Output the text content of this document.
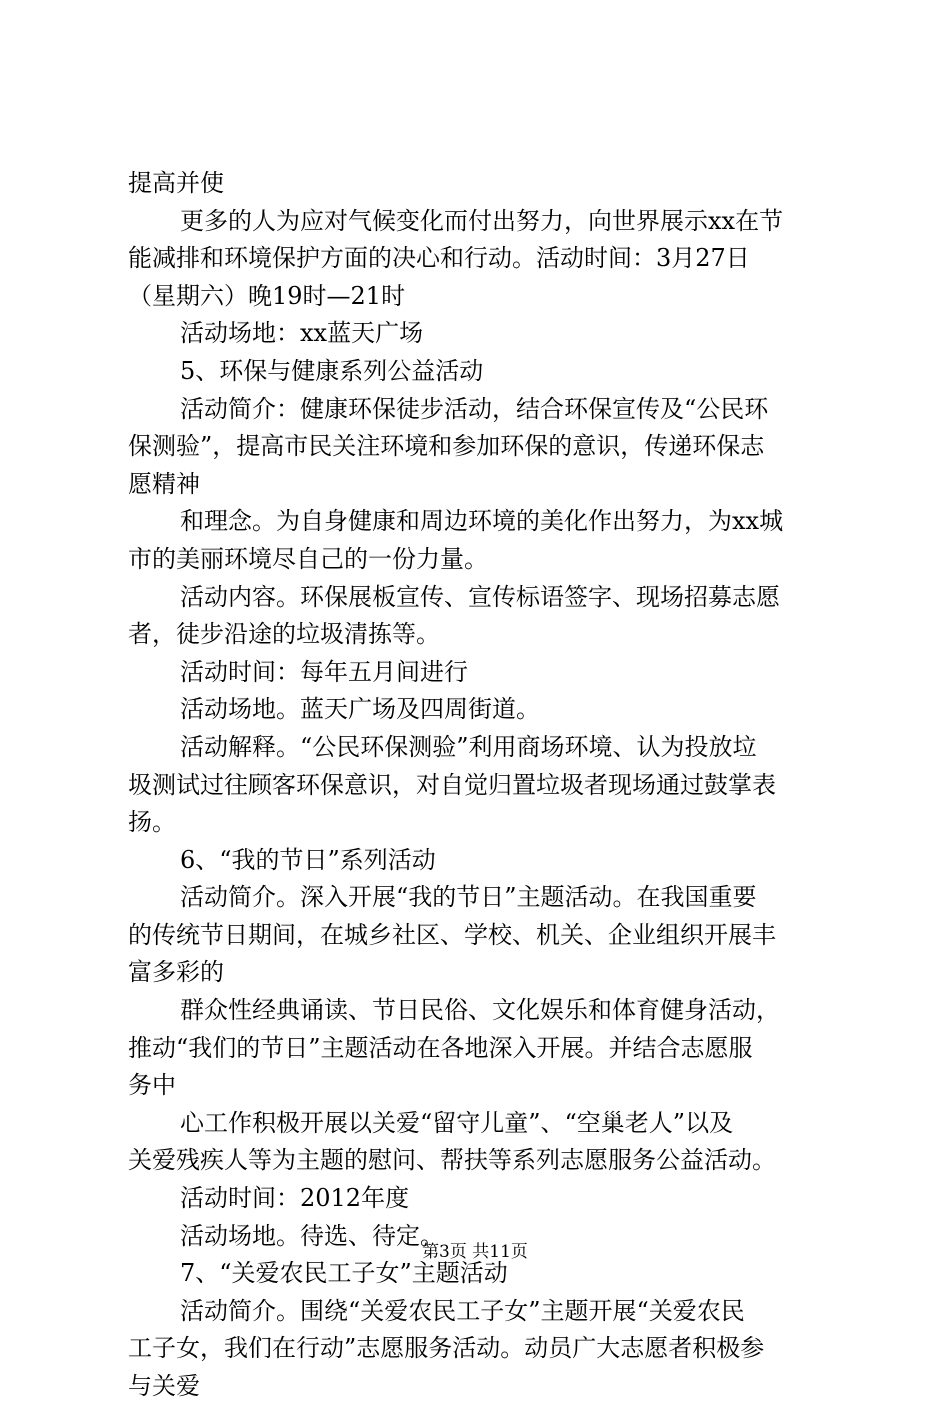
提高并使
更多的人为应对气候变化而付出努力，向世界展示xx在节
能减排和环境保护方面的决心和行动。活动时间：3月27日
（星期六）晚19时—21时
活动场地：xx蓝天广场
5、环保与健康系列公益活动
活动简介：健康环保徒步活动，结合环保宣传及“公民环
保测验”，提高市民关注环境和参加环保的意识，传递环保志
愿精神
和理念。为自身健康和周边环境的美化作出努力，为xx城
市的美丽环境尽自己的一份力量。
活动内容。环保展板宣传、宣传标语签字、现场招募志愿
者，徒步沿途的垃圾清拣等。
活动时间：每年五月间进行
活动场地。蓝天广场及四周街道。
活动解释。“公民环保测验”利用商场环境、认为投放垃
圾测试过往顾客环保意识，对自觉归置垃圾者现场通过鼓掌表
扬。
6、“我的节日”系列活动
活动简介。深入开展“我的节日”主题活动。在我国重要
的传统节日期间，在城乡社区、学校、机关、企业组织开展丰
富多彩的
群众性经典诵读、节日民俗、文化娱乐和体育健身活动，
推动“我们的节日”主题活动在各地深入开展。并结合志愿服
务中
心工作积极开展以关爱“留守儿童”、“空巢老人”以及
关爱残疾人等为主题的慰问、帮扶等系列志愿服务公益活动。
活动时间：2012年度
活动场地。待选、待定。
7、“关爱农民工子女”主题活动
活动简介。围绕“关爱农民工子女”主题开展“关爱农民
工子女，我们在行动”志愿服务活动。动员广大志愿者积极参
与关爱
第3页 共11页
